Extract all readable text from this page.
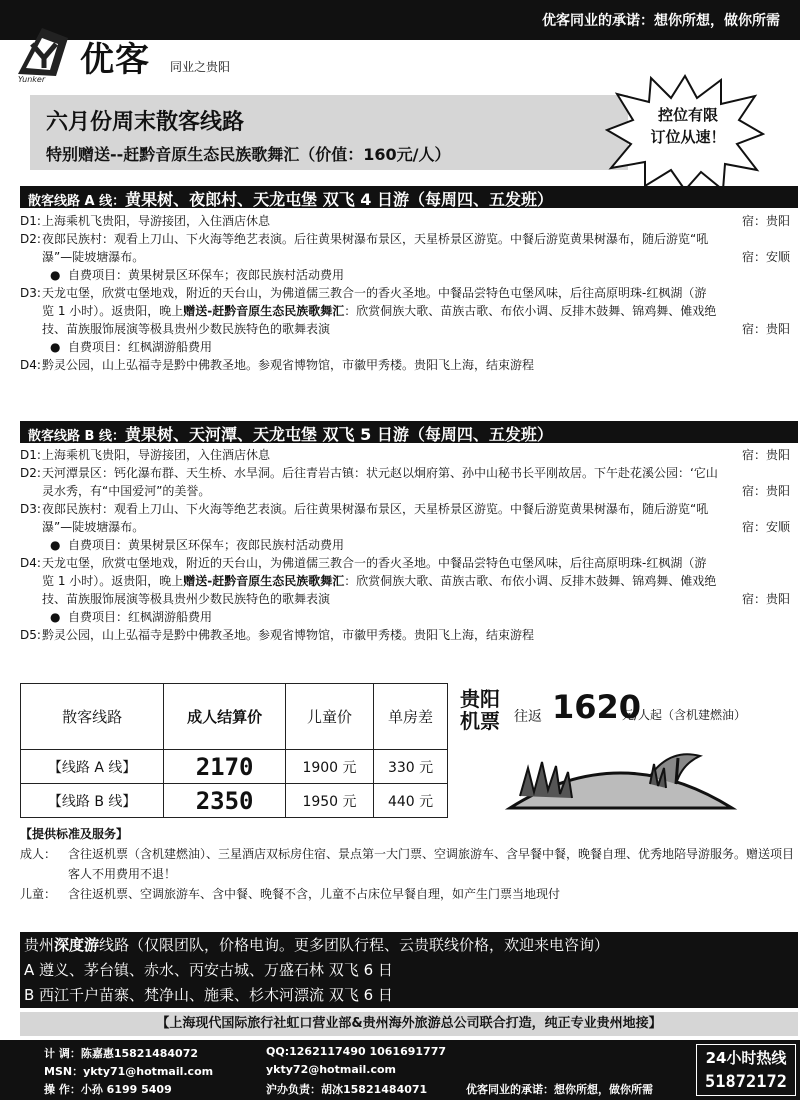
优客同业的承诺：想你所想，做你所需
Yunker 优客 同业之贵阳
六月份周末散客线路
特别赠送--赶黔音原生态民族歌舞汇（价值：160元/人）
控位有限
订位从速！
散客线路 A 线：黄果树、夜郎村、天龙屯堡 双飞 4 日游（每周四、五发班）
D1: 上海乘机飞贵阳，导游接团，入住酒店休息	宿：贵阳
D2: 夜郎民族村：观看上刀山、下火海等绝艺表演。后往黄果树瀑布景区，天星桥景区游览。中餐后游览黄果树瀑布，随后游览“吼瀑”—陡坡塘瀑布。	宿：安顺
● 自费项目：黄果树景区环保车；夜郎民族村活动费用
D3: 天龙屯堡，欣赏屯堡地戏，附近的天台山，为佛道儒三教合一的香火圣地。中餐品尝特色屯堡风味，后往高原明珠-红枫湖（游览 1 小时）。返贵阳，晚上赠送-赶黔音原生态民族歌舞汇：欣赏侗族大歌、苗族古歌、布依小调、反排木鼓舞、锦鸡舞、傩戏绝技、苗族服饰展演等极具贵州少数民族特色的歌舞表演	宿：贵阳
● 自费项目：红枫湖游船费用
D4: 黔灵公园，山上弘福寺是黔中佛教圣地。参观省博物馆，市徽甲秀楼。贵阳飞上海，结束游程
散客线路 B 线：黄果树、天河潭、天龙屯堡 双飞 5 日游（每周四、五发班）
D1: 上海乘机飞贵阳，导游接团，入住酒店休息	宿：贵阳
D2: 天河潭景区：钙化瀑布群、天生桥、水旱洞。后往青岩古镇：状元赵以炯府第、孙中山秘书长平刚故居。下午赴花溪公园：‘它山灵水秀，有“中国爱河”的美誉。	宿：贵阳
D3: 夜郎民族村：观看上刀山、下火海等绝艺表演。后往黄果树瀑布景区，天星桥景区游览。中餐后游览黄果树瀑布，随后游览“吼瀑”—陡坡塘瀑布。	宿：安顺
● 自费项目：黄果树景区环保车；夜郎民族村活动费用
D4: 天龙屯堡，欣赏屯堡地戏，附近的天台山，为佛道儒三教合一的香火圣地。中餐品尝特色屯堡风味，后往高原明珠-红枫湖（游览 1 小时）。返贵阳，晚上赠送-赶黔音原生态民族歌舞汇：欣赏侗族大歌、苗族古歌、布依小调、反排木鼓舞、锦鸡舞、傩戏绝技、苗族服饰展演等极具贵州少数民族特色的歌舞表演	宿：贵阳
● 自费项目：红枫湖游船费用
D5: 黔灵公园，山上弘福寺是黔中佛教圣地。参观省博物馆，市徽甲秀楼。贵阳飞上海，结束游程
散客线路	成人结算价	儿童价	单房差
【线路 A 线】	2170	1900 元	330 元
【线路 B 线】	2350	1950 元	440 元
贵阳机票	往返 1620
元/人起（含机建燃油）
【提供标准及服务】
成人： 含往返机票（含机建燃油）、三星酒店双标房住宿、景点第一大门票、空调旅游车、含早餐中餐，晚餐自理、优秀地陪导游服务。赠送项目客人不用费用不退！
儿童： 含往返机票、空调旅游车、含中餐、晚餐不含，儿童不占床位早餐自理，如产生门票当地现付
贵州深度游线路（仅限团队，价格电询。更多团队行程、云贵联线价格，欢迎来电咨询）
A 遵义、茅台镇、赤水、丙安古城、万盛石林 双飞 6 日
B 西江千户苗寨、梵净山、施秉、杉木河漂流 双飞 6 日
【上海现代国际旅行社虹口营业部&贵州海外旅游总公司联合打造，纯正专业贵州地接】
计 调：陈嘉惠15821484072	QQ:1262117490 1061691777
MSN：ykty71@hotmail.com	ykty72@hotmail.com
操 作：小孙 6199 5409	沪办负责：胡冰15821484071	优客同业的承诺：想你所想，做你所需
24小时热线
51872172
